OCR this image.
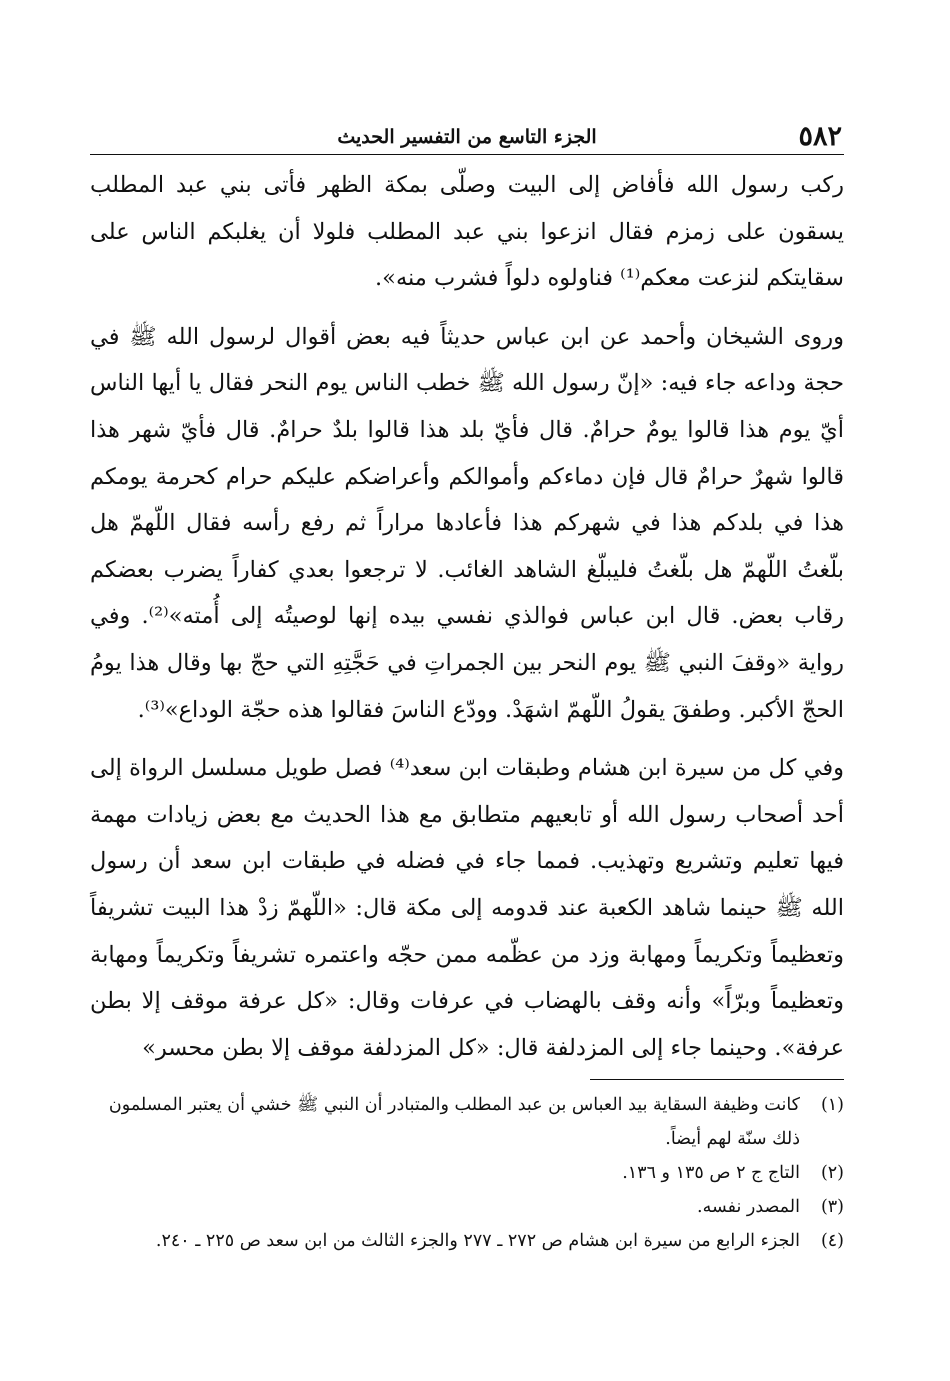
٥٨٢
الجزء التاسع من التفسير الحديث

ركب رسول الله فأفاض إلى البيت وصلّى بمكة الظهر فأتى بني عبد المطلب يسقون على زمزم فقال انزعوا بني عبد المطلب فلولا أن يغلبكم الناس على سقايتكم لنزعت معكم⁽¹⁾ فناولوه دلواً فشرب منه».

وروى الشيخان وأحمد عن ابن عباس حديثاً فيه بعض أقوال لرسول الله ﷺ في حجة وداعه جاء فيه: «إنّ رسول الله ﷺ خطب الناس يوم النحر فقال يا أيها الناس أيّ يوم هذا قالوا يومٌ حرامٌ. قال فأيّ بلد هذا قالوا بلدٌ حرامٌ. قال فأيّ شهر هذا قالوا شهرٌ حرامٌ قال فإن دماءكم وأموالكم وأعراضكم عليكم حرام كحرمة يومكم هذا في بلدكم هذا في شهركم هذا فأعادها مراراً ثم رفع رأسه فقال اللّهمّ هل بلّغتُ اللّهمّ هل بلّغتُ فليبلّغ الشاهد الغائب. لا ترجعوا بعدي كفاراً يضرب بعضكم رقاب بعض. قال ابن عباس فوالذي نفسي بيده إنها لوصيتُه إلى أُمته»⁽²⁾. وفي رواية «وقفَ النبي ﷺ يوم النحر بين الجمراتِ في حَجَّتِهِ التي حجّ بها وقال هذا يومُ الحجّ الأكبر. وطفقَ يقولُ اللّهمّ اشهَدْ. وودّع الناسَ فقالوا هذه حجّة الوداع»⁽³⁾.

وفي كل من سيرة ابن هشام وطبقات ابن سعد⁽⁴⁾ فصل طويل مسلسل الرواة إلى أحد أصحاب رسول الله أو تابعيهم متطابق مع هذا الحديث مع بعض زيادات مهمة فيها تعليم وتشريع وتهذيب. فمما جاء في فضله في طبقات ابن سعد أن رسول الله ﷺ حينما شاهد الكعبة عند قدومه إلى مكة قال: «اللّهمّ زدْ هذا البيت تشريفاً وتعظيماً وتكريماً ومهابة وزد من عظّمه ممن حجّه واعتمره تشريفاً وتكريماً ومهابة وتعظيماً وبرّاً» وأنه وقف بالهضاب في عرفات وقال: «كل عرفة موقف إلا بطن عرفة». وحينما جاء إلى المزدلفة قال: «كل المزدلفة موقف إلا بطن محسر»

(١)
كانت وظيفة السقاية بيد العباس بن عبد المطلب والمتبادر أن النبي ﷺ خشي أن يعتبر المسلمون ذلك سنّة لهم أيضاً.

(٢)
التاج ج ٢ ص ١٣٥ و ١٣٦.

(٣)
المصدر نفسه.

(٤)
الجزء الرابع من سيرة ابن هشام ص ٢٧٢ ـ ٢٧٧ والجزء الثالث من ابن سعد ص ٢٢٥ ـ ٢٤٠.
